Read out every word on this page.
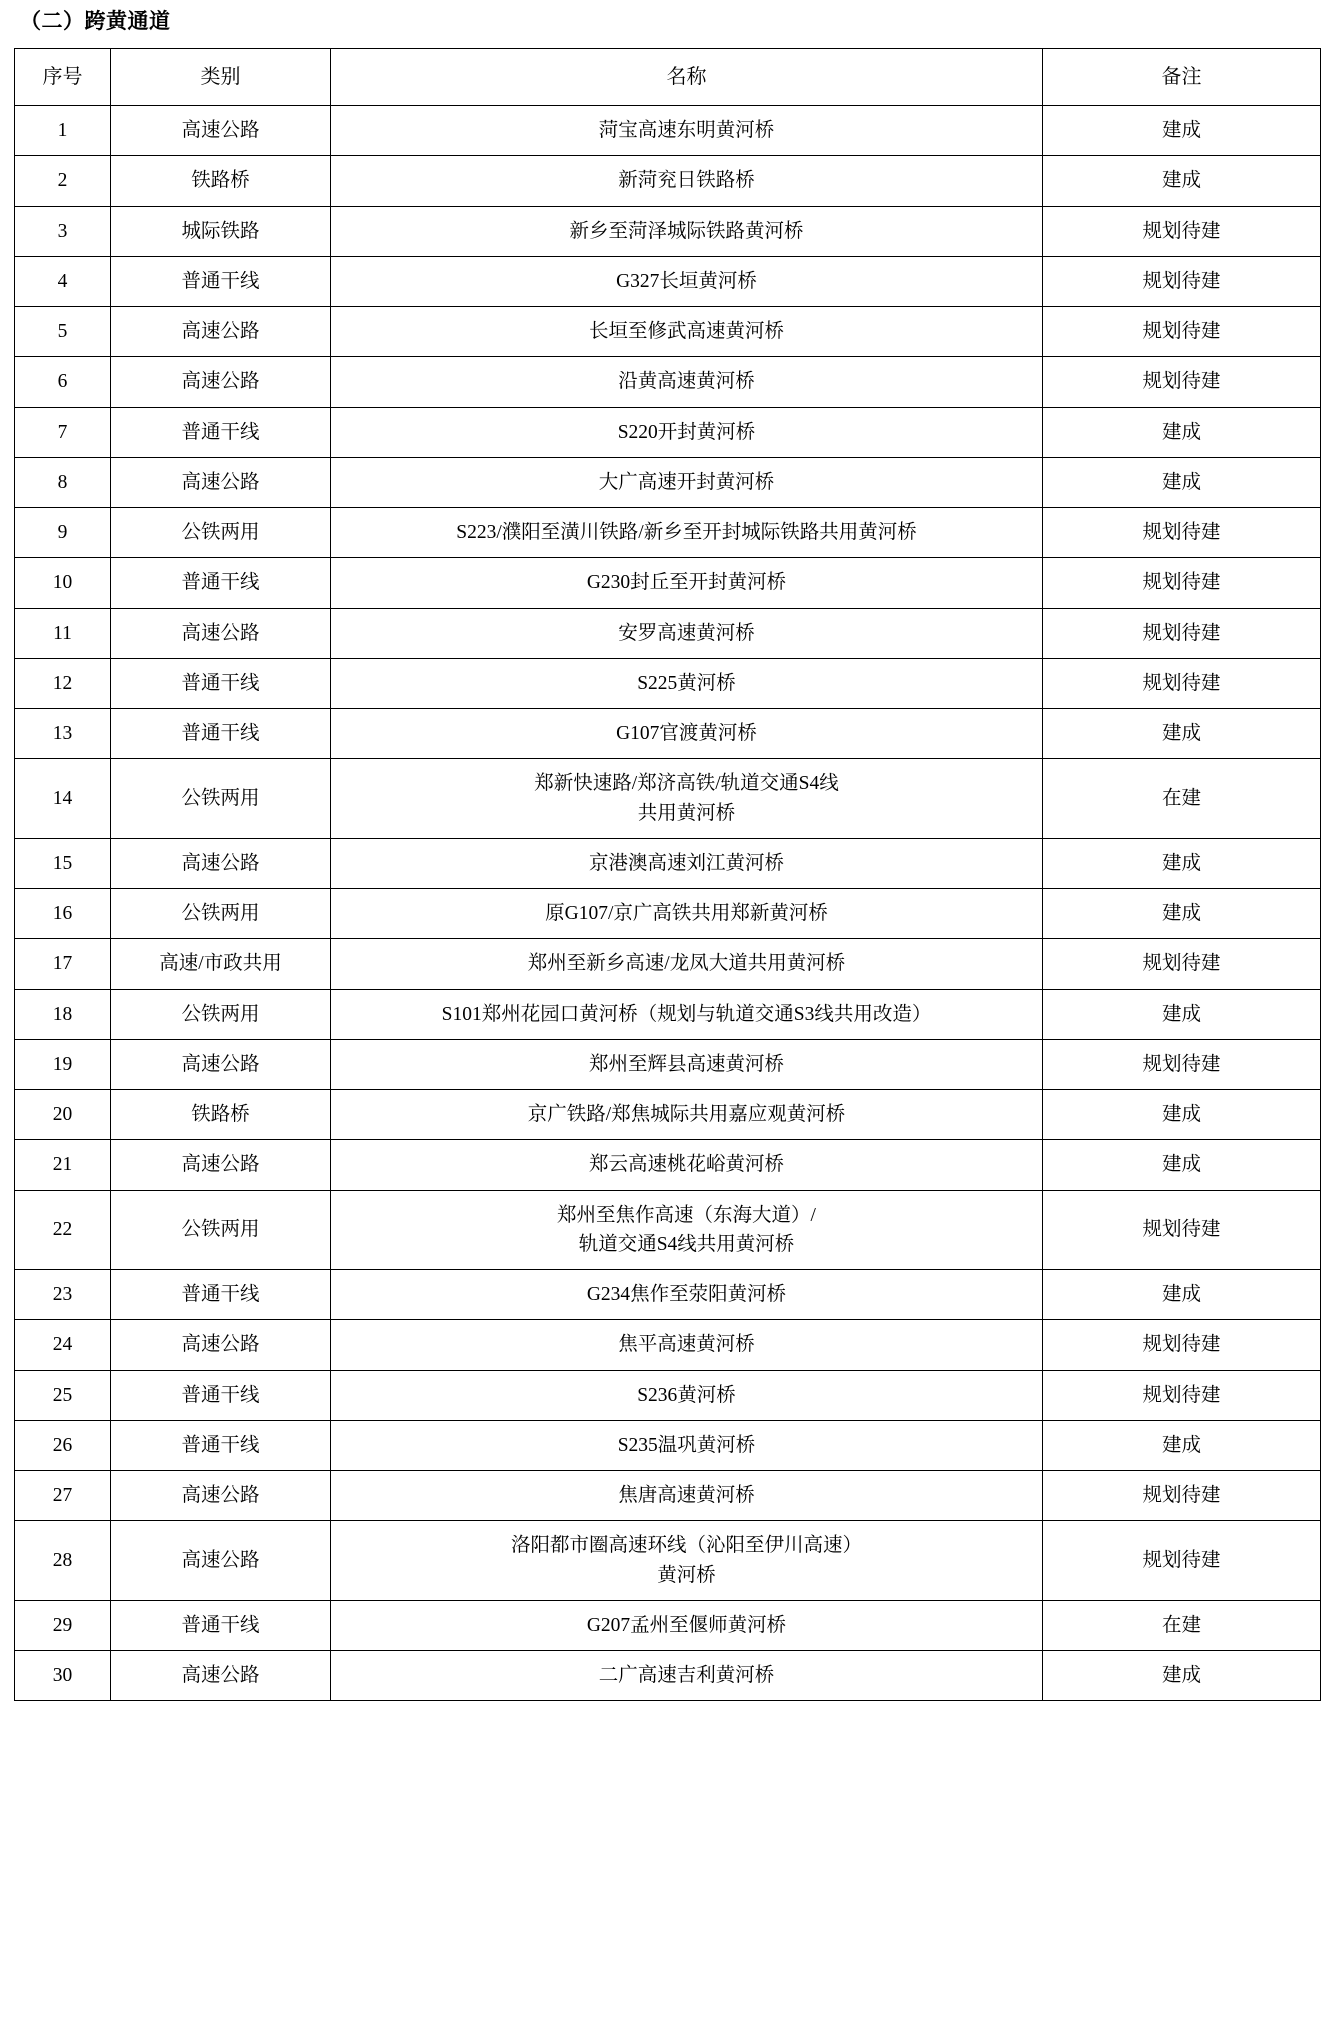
（二）跨黄通道
序号	类别	名称	备注
1	高速公路	菏宝高速东明黄河桥	建成
2	铁路桥	新菏兖日铁路桥	建成
3	城际铁路	新乡至菏泽城际铁路黄河桥	规划待建
4	普通干线	G327长垣黄河桥	规划待建
5	高速公路	长垣至修武高速黄河桥	规划待建
6	高速公路	沿黄高速黄河桥	规划待建
7	普通干线	S220开封黄河桥	建成
8	高速公路	大广高速开封黄河桥	建成
9	公铁两用	S223/濮阳至潢川铁路/新乡至开封城际铁路共用黄河桥	规划待建
10	普通干线	G230封丘至开封黄河桥	规划待建
11	高速公路	安罗高速黄河桥	规划待建
12	普通干线	S225黄河桥	规划待建
13	普通干线	G107官渡黄河桥	建成
14	公铁两用	郑新快速路/郑济高铁/轨道交通S4线
共用黄河桥	在建
15	高速公路	京港澳高速刘江黄河桥	建成
16	公铁两用	原G107/京广高铁共用郑新黄河桥	建成
17	高速/市政共用	郑州至新乡高速/龙凤大道共用黄河桥	规划待建
18	公铁两用	S101郑州花园口黄河桥（规划与轨道交通S3线共用改造）	建成
19	高速公路	郑州至辉县高速黄河桥	规划待建
20	铁路桥	京广铁路/郑焦城际共用嘉应观黄河桥	建成
21	高速公路	郑云高速桃花峪黄河桥	建成
22	公铁两用	郑州至焦作高速（东海大道）/
轨道交通S4线共用黄河桥	规划待建
23	普通干线	G234焦作至荥阳黄河桥	建成
24	高速公路	焦平高速黄河桥	规划待建
25	普通干线	S236黄河桥	规划待建
26	普通干线	S235温巩黄河桥	建成
27	高速公路	焦唐高速黄河桥	规划待建
28	高速公路	洛阳都市圈高速环线（沁阳至伊川高速）
黄河桥	规划待建
29	普通干线	G207孟州至偃师黄河桥	在建
30	高速公路	二广高速吉利黄河桥	建成
